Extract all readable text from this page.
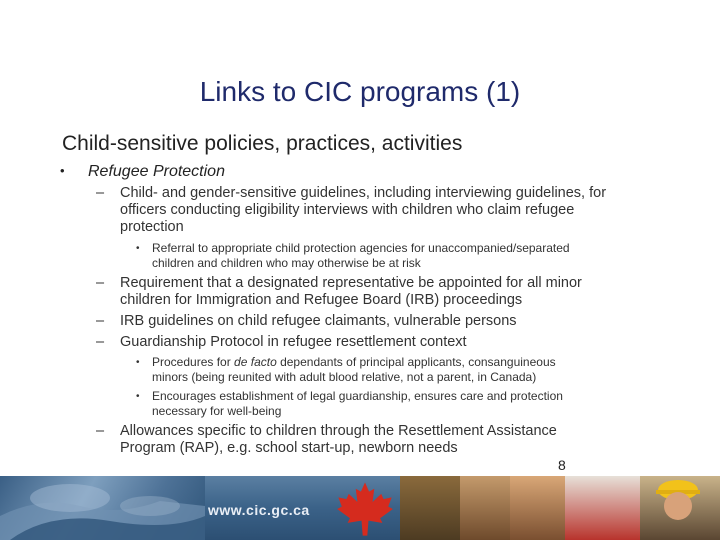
Links to CIC programs (1)
Child-sensitive policies, practices, activities
• Refugee Protection
– Child- and gender-sensitive guidelines, including interviewing guidelines, for
officers conducting eligibility interviews with children who claim refugee
protection
• Referral to appropriate child protection agencies for unaccompanied/separated
children and children who may otherwise be at risk
– Requirement that a designated representative be appointed for all minor
children for Immigration and Refugee Board (IRB) proceedings
– IRB guidelines on child refugee claimants, vulnerable persons
– Guardianship Protocol in refugee resettlement context
• Procedures for de facto dependants of principal applicants, consanguineous
minors (being reunited with adult blood relative, not a parent, in Canada)
• Encourages establishment of legal guardianship, ensures care and protection
necessary for well-being
– Allowances specific to children through the Resettlement Assistance
Program (RAP), e.g. school start-up, newborn needs
8
www.cic.gc.ca
